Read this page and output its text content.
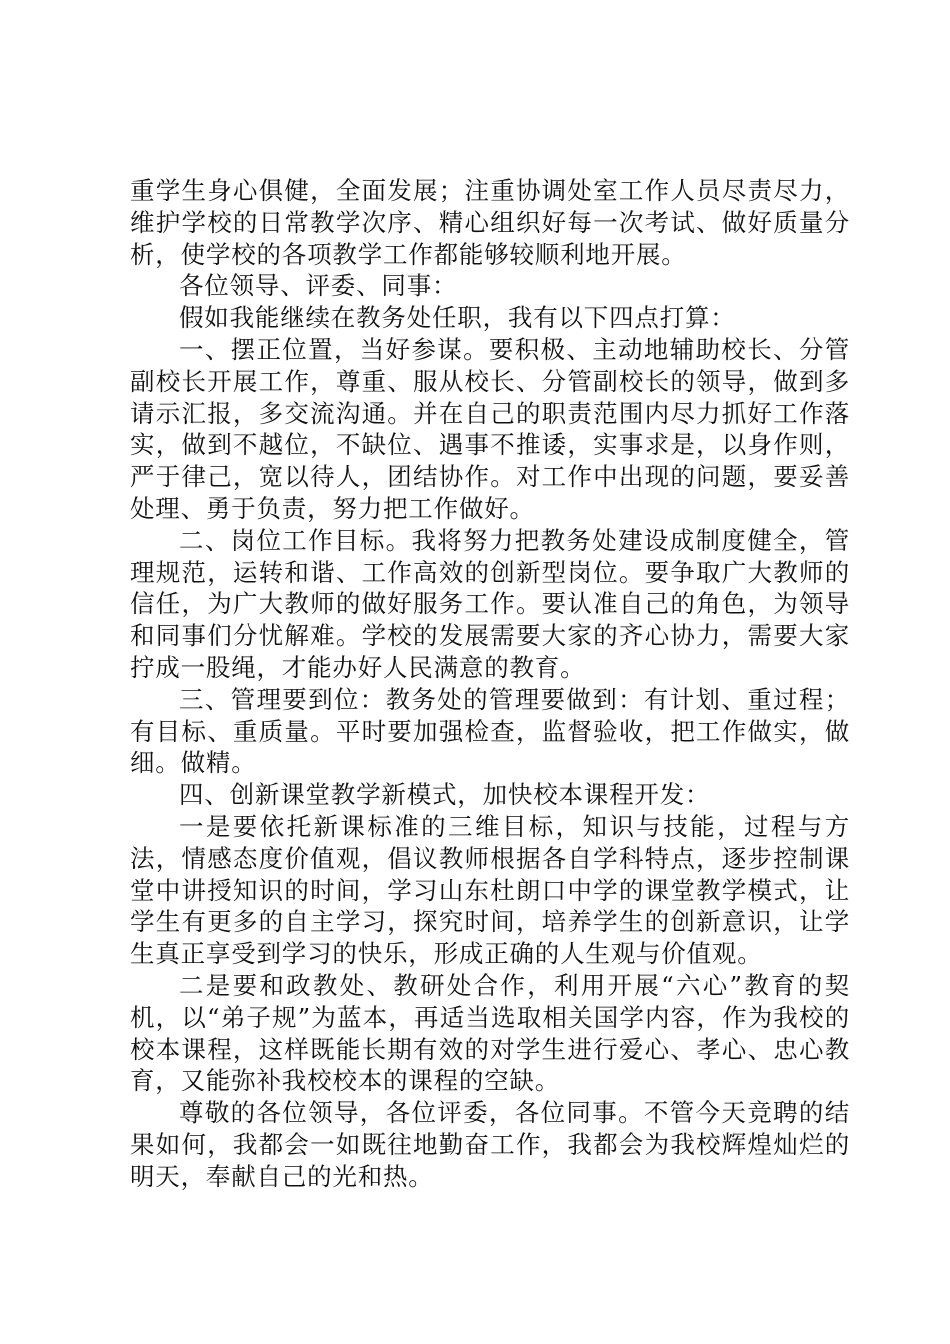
重学生身心俱健，全面发展；注重协调处室工作人员尽责尽力，维护学校的日常教学次序、精心组织好每一次考试、做好质量分析，使学校的各项教学工作都能够较顺利地开展。

各位领导、评委、同事：

假如我能继续在教务处任职，我有以下四点打算：

一、摆正位置，当好参谋。要积极、主动地辅助校长、分管副校长开展工作，尊重、服从校长、分管副校长的领导，做到多请示汇报，多交流沟通。并在自己的职责范围内尽力抓好工作落实，做到不越位，不缺位、遇事不推诿，实事求是，以身作则，严于律己，宽以待人，团结协作。对工作中出现的问题，要妥善处理、勇于负责，努力把工作做好。

二、岗位工作目标。我将努力把教务处建设成制度健全，管理规范，运转和谐、工作高效的创新型岗位。要争取广大教师的信任，为广大教师的做好服务工作。要认准自己的角色，为领导和同事们分忧解难。学校的发展需要大家的齐心协力，需要大家拧成一股绳，才能办好人民满意的教育。

三、管理要到位：教务处的管理要做到：有计划、重过程；有目标、重质量。平时要加强检查，监督验收，把工作做实，做细。做精。

四、创新课堂教学新模式，加快校本课程开发：

一是要依托新课标准的三维目标，知识与技能，过程与方法，情感态度价值观，倡议教师根据各自学科特点，逐步控制课堂中讲授知识的时间，学习山东杜朗口中学的课堂教学模式，让学生有更多的自主学习，探究时间，培养学生的创新意识，让学生真正享受到学习的快乐，形成正确的人生观与价值观。

二是要和政教处、教研处合作，利用开展“六心”教育的契机，以“弟子规”为蓝本，再适当选取相关国学内容，作为我校的校本课程，这样既能长期有效的对学生进行爱心、孝心、忠心教育，又能弥补我校校本的课程的空缺。

尊敬的各位领导，各位评委，各位同事。不管今天竞聘的结果如何，我都会一如既往地勤奋工作，我都会为我校辉煌灿烂的明天，奉献自己的光和热。
